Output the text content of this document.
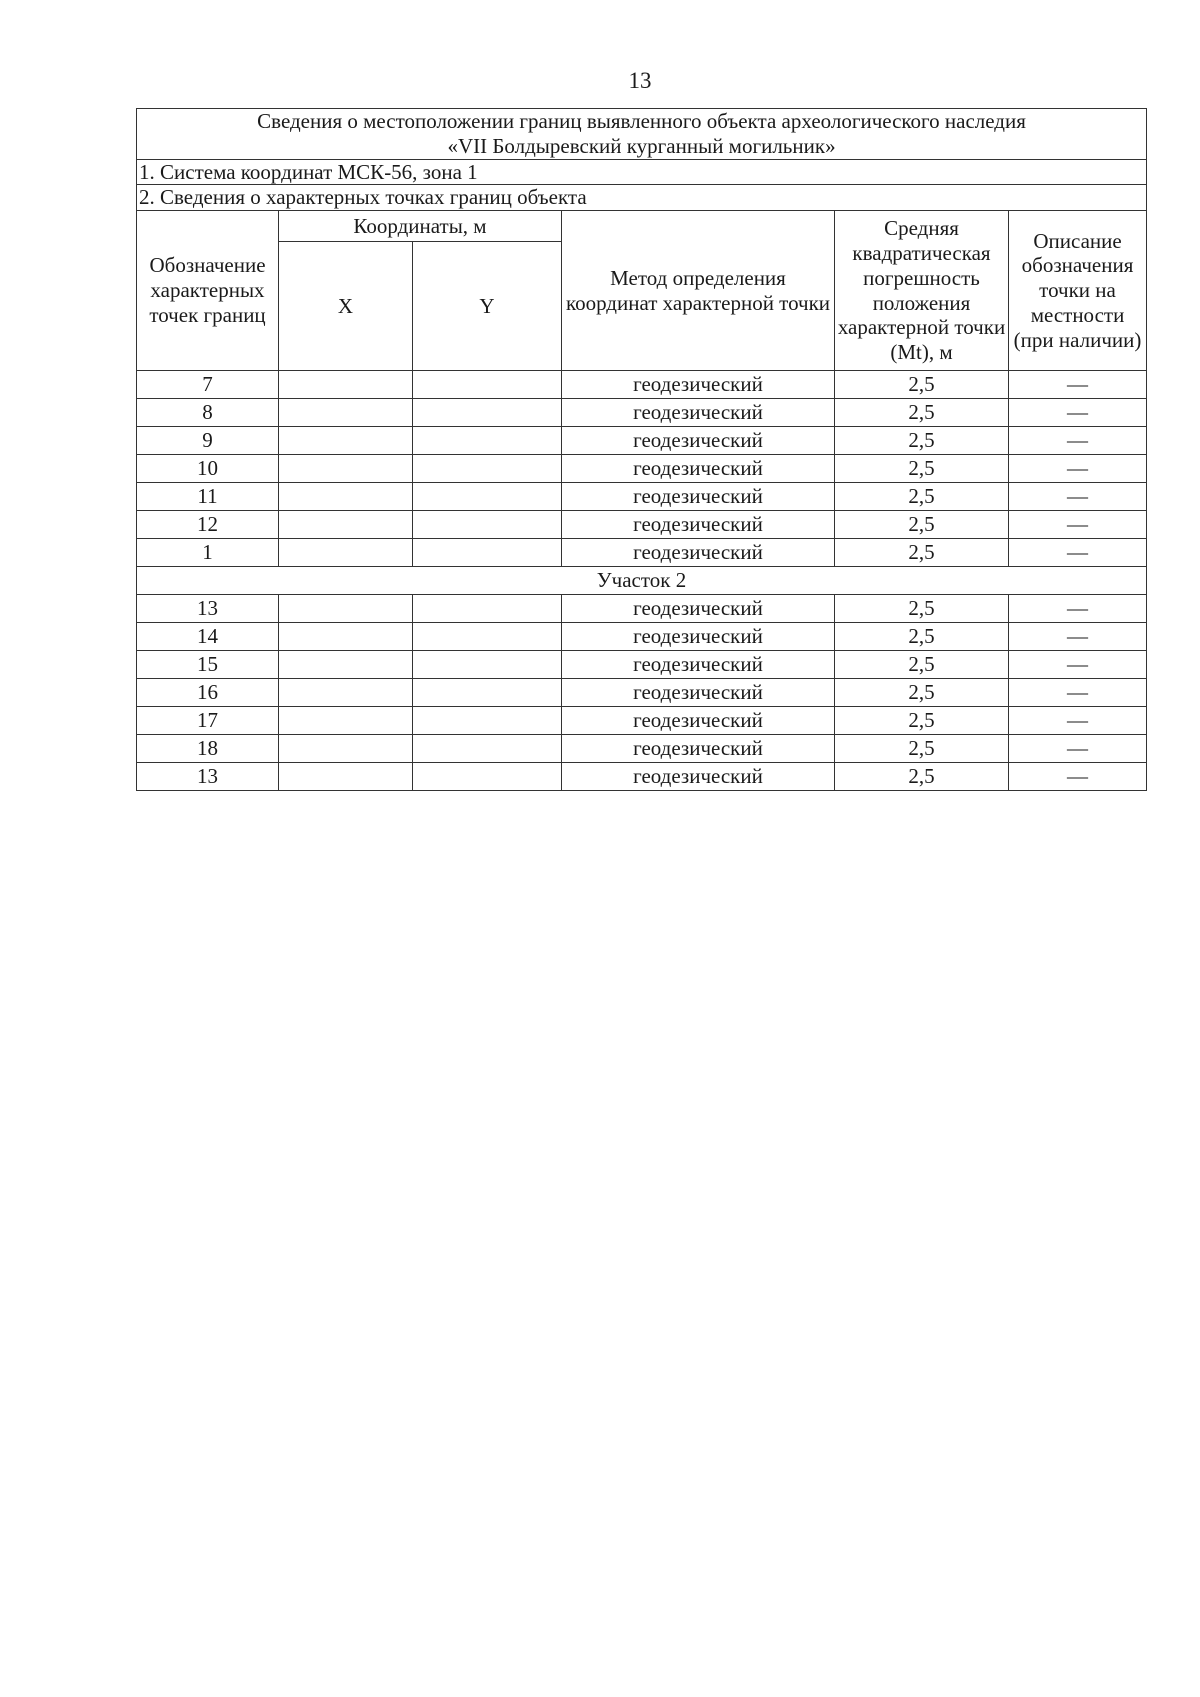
13
Сведения о местоположении границ выявленного объекта археологического наследия
«VII Болдыревский курганный могильник»					

1. Система координат МСК-56, зона 1					
2. Сведения о характерных точках границ объекта					
Обозначение характерных точек границ	Координаты, м		Метод определения координат характерной точки	Средняя квадратическая погрешность положения характерной точки (Mt), м	Описание обозначения точки на местности (при наличии)
	X	Y			
7			геодезический	2,5	—
8			геодезический	2,5	—
9			геодезический	2,5	—
10			геодезический	2,5	—
11			геодезический	2,5	—
12			геодезический	2,5	—
1			геодезический	2,5	—
Участок 2					
13			геодезический	2,5	—
14			геодезический	2,5	—
15			геодезический	2,5	—
16			геодезический	2,5	—
17			геодезический	2,5	—
18			геодезический	2,5	—
13			геодезический	2,5	—
